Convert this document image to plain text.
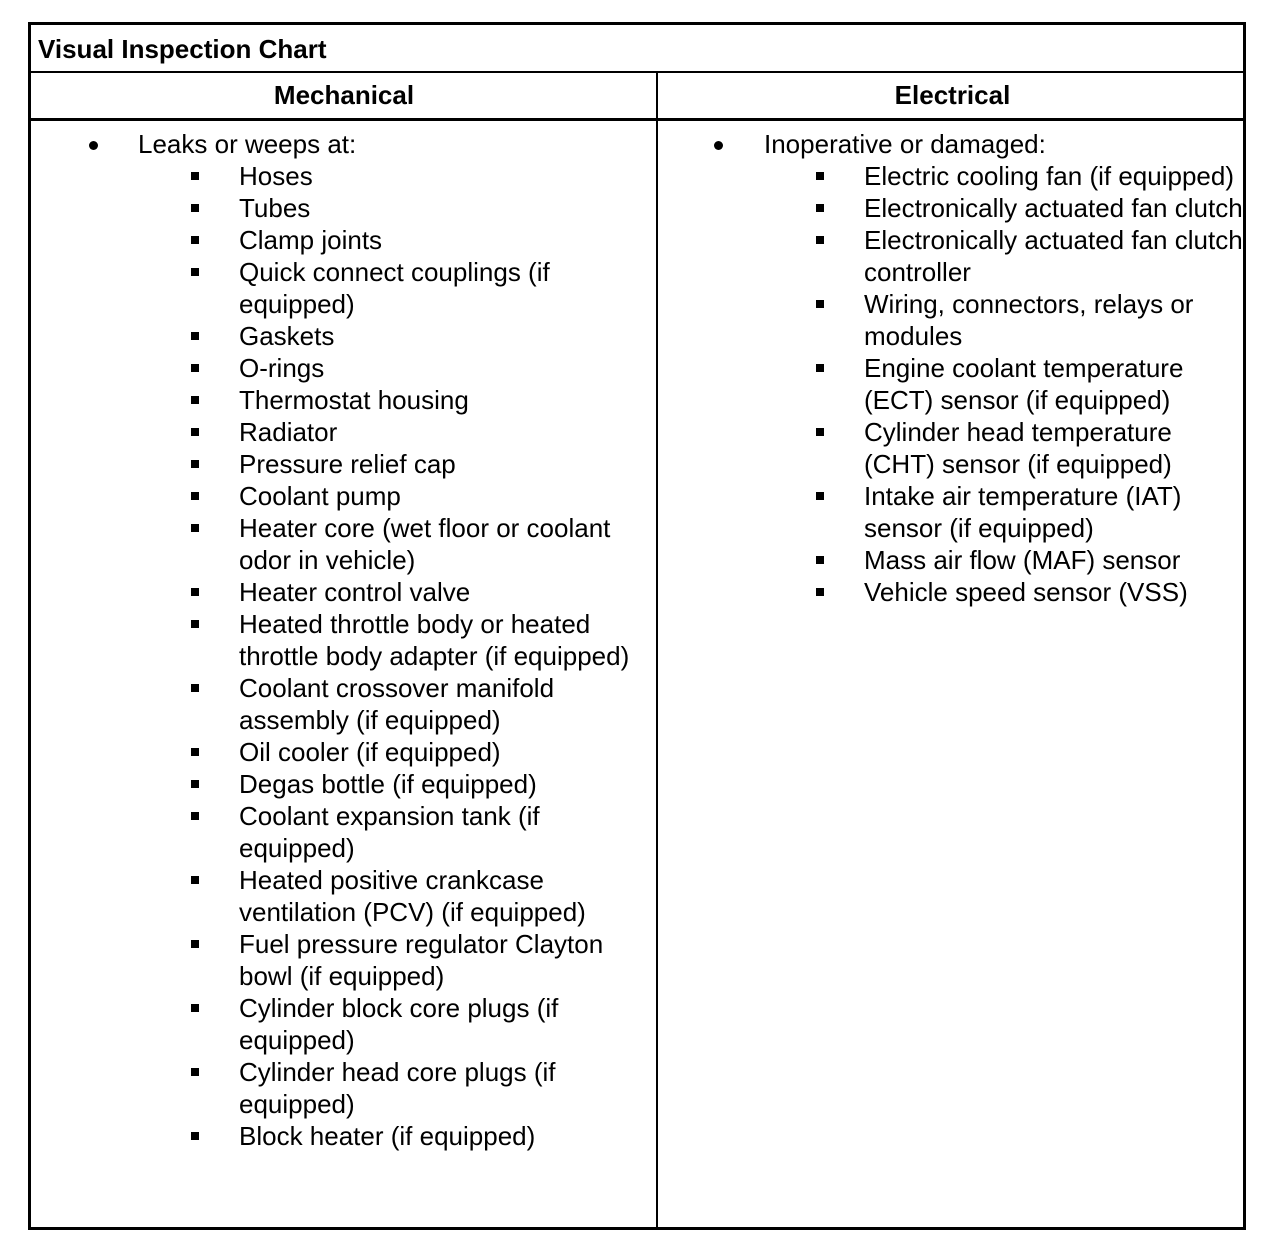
Visual Inspection Chart
Mechanical	Electrical
Leaks or weeps at:
Hoses
Tubes
Clamp joints
Quick connect couplings (if equipped)
Gaskets
O-rings
Thermostat housing
Radiator
Pressure relief cap
Coolant pump
Heater core (wet floor or coolant odor in vehicle)
Heater control valve
Heated throttle body or heated throttle body adapter (if equipped)
Coolant crossover manifold assembly (if equipped)
Oil cooler (if equipped)
Degas bottle (if equipped)
Coolant expansion tank (if equipped)
Heated positive crankcase ventilation (PCV) (if equipped)
Fuel pressure regulator Clayton bowl (if equipped)
Cylinder block core plugs (if equipped)
Cylinder head core plugs (if equipped)
Block heater (if equipped)
Inoperative or damaged:
Electric cooling fan (if equipped)
Electronically actuated fan clutch
Electronically actuated fan clutch controller
Wiring, connectors, relays or modules
Engine coolant temperature (ECT) sensor (if equipped)
Cylinder head temperature (CHT) sensor (if equipped)
Intake air temperature (IAT) sensor (if equipped)
Mass air flow (MAF) sensor
Vehicle speed sensor (VSS)
